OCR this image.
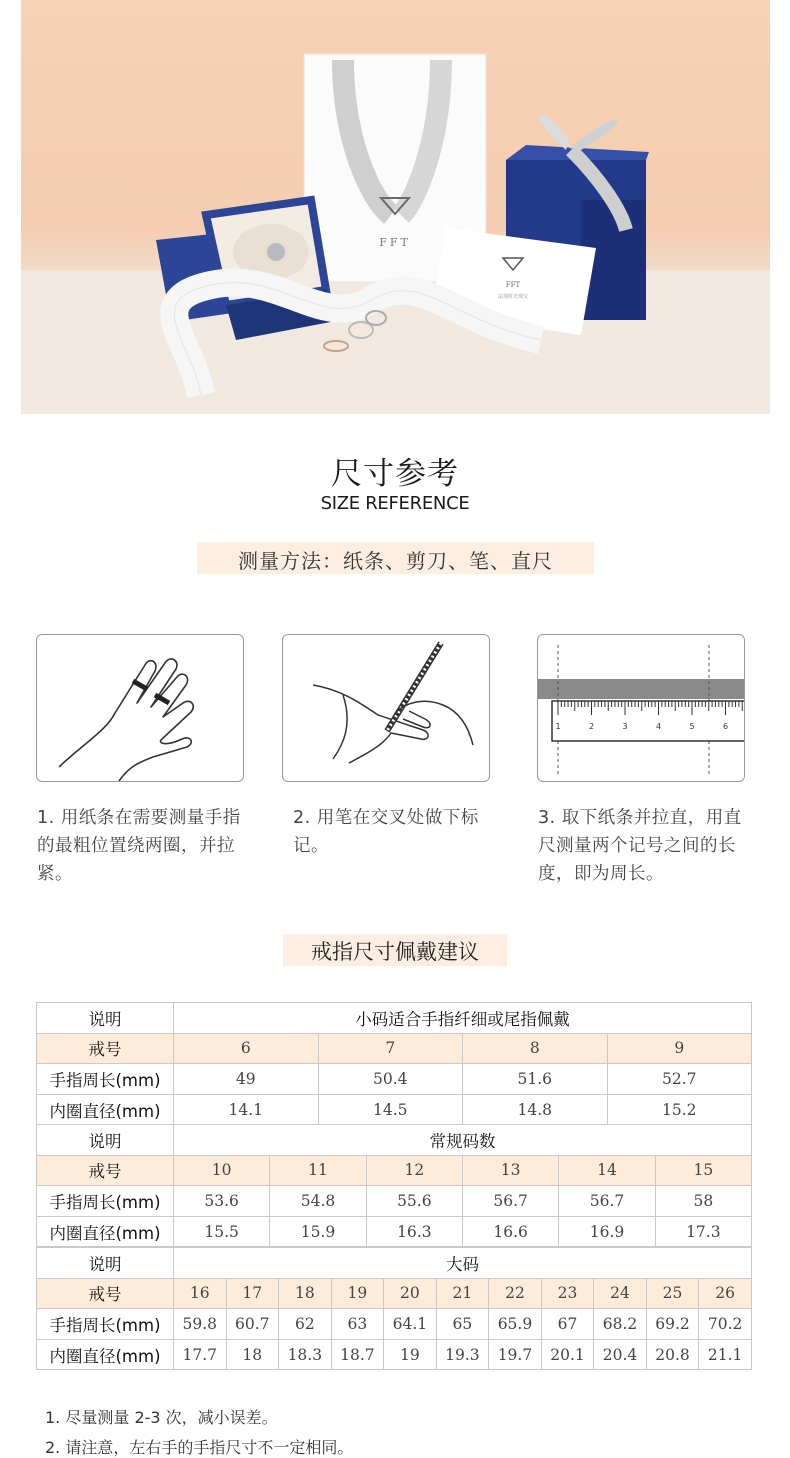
FFT
FFT
法斐时光珠宝
尺寸参考
SIZE REFERENCE
测量方法：纸条、剪刀、笔、直尺
1	2	3	4	5	6
1. 用纸条在需要测量手指的最粗位置绕两圈，并拉紧。
2. 用笔在交叉处做下标记。
3. 取下纸条并拉直，用直尺测量两个记号之间的长度，即为周长。
戒指尺寸佩戴建议
说明	小码适合手指纤细或尾指佩戴			
戒号	6	7	8	9
手指周长(mm)	49	50.4	51.6	52.7
内圈直径(mm)	14.1	14.5	14.8	15.2
说明	常规码数					
戒号	10	11	12	13	14	15
手指周长(mm)	53.6	54.8	55.6	56.7	56.7	58
内圈直径(mm)	15.5	15.9	16.3	16.6	16.9	17.3
说明	大码										
戒号	16	17	18	19	20	21	22	23	24	25	26
手指周长(mm)	59.8	60.7	62	63	64.1	65	65.9	67	68.2	69.2	70.2
内圈直径(mm)	17.7	18	18.3	18.7	19	19.3	19.7	20.1	20.4	20.8	21.1
1. 尽量测量 2-3 次，减小误差。
2. 请注意，左右手的手指尺寸不一定相同。
